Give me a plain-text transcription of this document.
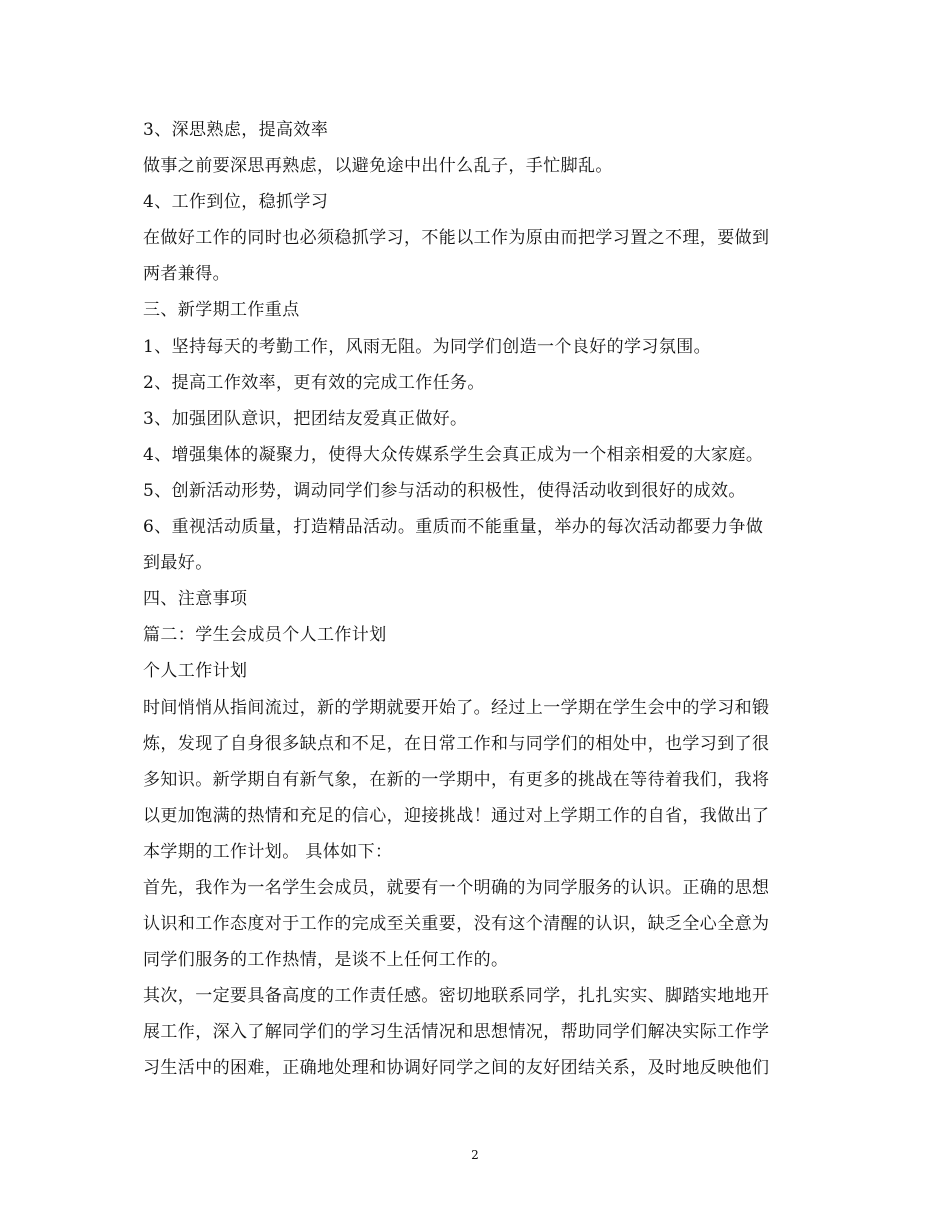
3、深思熟虑，提高效率
做事之前要深思再熟虑，以避免途中出什么乱子，手忙脚乱。
4、工作到位，稳抓学习
在做好工作的同时也必须稳抓学习，不能以工作为原由而把学习置之不理，要做到
两者兼得。
三、新学期工作重点
1、坚持每天的考勤工作，风雨无阻。为同学们创造一个良好的学习氛围。
2、提高工作效率，更有效的完成工作任务。
3、加强团队意识，把团结友爱真正做好。
4、增强集体的凝聚力，使得大众传媒系学生会真正成为一个相亲相爱的大家庭。
5、创新活动形势，调动同学们参与活动的积极性，使得活动收到很好的成效。
6、重视活动质量，打造精品活动。重质而不能重量，举办的每次活动都要力争做
到最好。
四、注意事项
篇二：学生会成员个人工作计划
个人工作计划
时间悄悄从指间流过，新的学期就要开始了。经过上一学期在学生会中的学习和锻
炼，发现了自身很多缺点和不足，在日常工作和与同学们的相处中，也学习到了很
多知识。新学期自有新气象，在新的一学期中，有更多的挑战在等待着我们，我将
以更加饱满的热情和充足的信心，迎接挑战！通过对上学期工作的自省，我做出了
本学期的工作计划。 具体如下：
首先，我作为一名学生会成员，就要有一个明确的为同学服务的认识。正确的思想
认识和工作态度对于工作的完成至关重要，没有这个清醒的认识，缺乏全心全意为
同学们服务的工作热情，是谈不上任何工作的。
其次，一定要具备高度的工作责任感。密切地联系同学，扎扎实实、脚踏实地地开
展工作，深入了解同学们的学习生活情况和思想情况，帮助同学们解决实际工作学
习生活中的困难，正确地处理和协调好同学之间的友好团结关系，及时地反映他们
2
